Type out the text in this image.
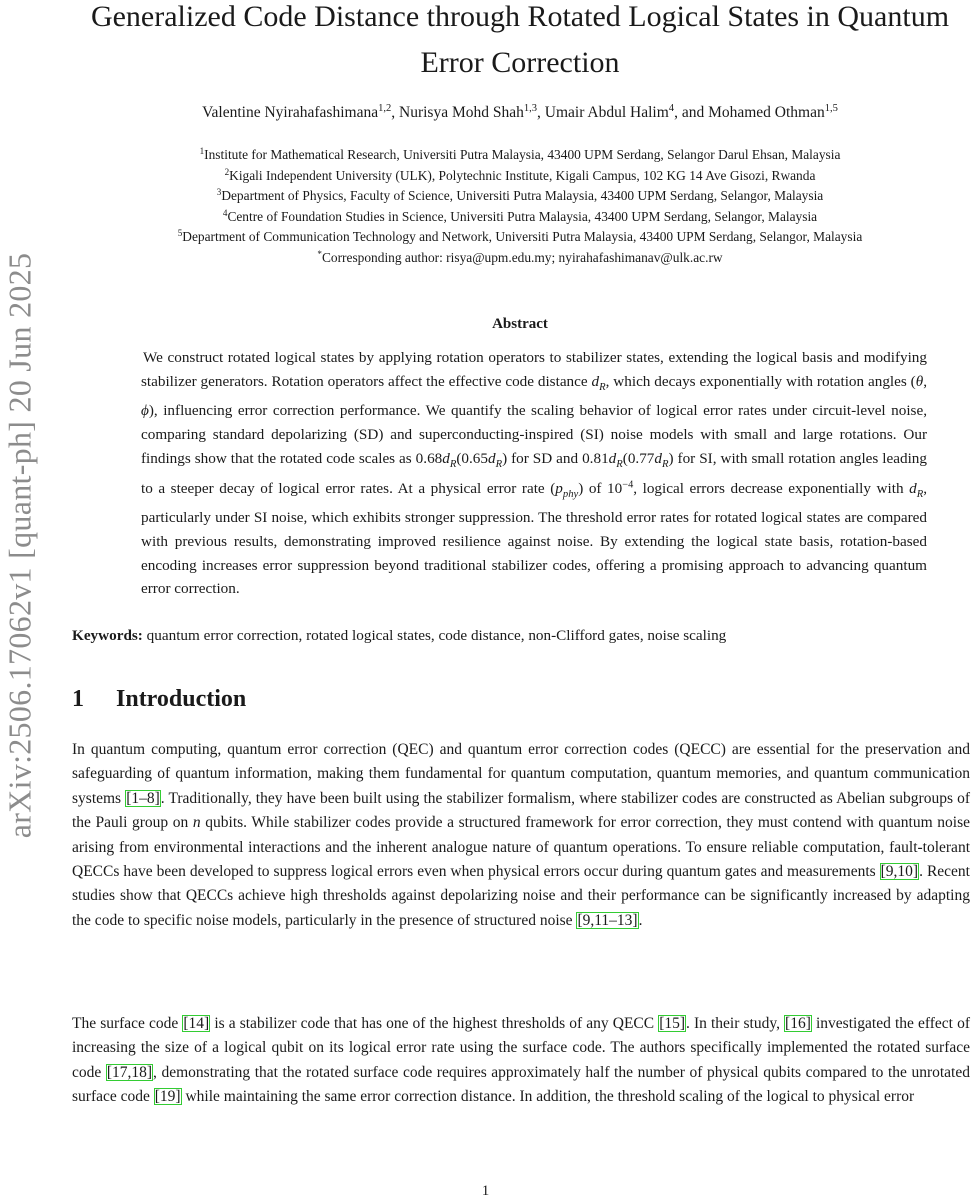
arXiv:2506.17062v1 [quant-ph] 20 Jun 2025
Generalized Code Distance through Rotated Logical States in Quantum Error Correction
Valentine Nyirahafashimana$^{1,2}$, Nurisya Mohd Shah$^{1,3}$, Umair Abdul Halim$^4$, and Mohamed Othman$^{1,5}$
$^1$Institute for Mathematical Research, Universiti Putra Malaysia, 43400 UPM Serdang, Selangor Darul Ehsan, Malaysia
$^2$Kigali Independent University (ULK), Polytechnic Institute, Kigali Campus, 102 KG 14 Ave Gisozi, Rwanda
$^3$Department of Physics, Faculty of Science, Universiti Putra Malaysia, 43400 UPM Serdang, Selangor, Malaysia
$^4$Centre of Foundation Studies in Science, Universiti Putra Malaysia, 43400 UPM Serdang, Selangor, Malaysia
$^5$Department of Communication Technology and Network, Universiti Putra Malaysia, 43400 UPM Serdang, Selangor, Malaysia
*Corresponding author: risya@upm.edu.my; nyirahafashimanav@ulk.ac.rw
Abstract

We construct rotated logical states by applying rotation operators to stabilizer states, extending the logical basis and modifying stabilizer generators. Rotation operators affect the effective code distance $d_R$, which decays exponentially with rotation angles (θ, ϕ), influencing error correction performance. We quantify the scaling behavior of logical error rates under circuit-level noise, comparing standard depolarizing (SD) and superconducting-inspired (SI) noise models with small and large rotations. Our findings show that the rotated code scales as $0.68d_R(0.65d_R)$ for SD and $0.81d_R(0.77d_R)$ for SI, with small rotation angles leading to a steeper decay of logical error rates. At a physical error rate $(p_{phy})$ of $10^{-4}$, logical errors decrease exponentially with $d_R$, particularly under SI noise, which exhibits stronger suppression. The threshold error rates for rotated logical states are compared with previous results, demonstrating improved resilience against noise. By extending the logical state basis, rotation-based encoding increases error suppression beyond traditional stabilizer codes, offering a promising approach to advancing quantum error correction.

Keywords: quantum error correction, rotated logical states, code distance, non-Clifford gates, noise scaling

1 Introduction

In quantum computing, quantum error correction (QEC) and quantum error correction codes (QECC) are essential for the preservation and safeguarding of quantum information, making them fundamental for quantum computation, quantum memories, and quantum communication systems [1–8]. Traditionally, they have been built using the stabilizer formalism, where stabilizer codes are constructed as Abelian subgroups of the Pauli group on n qubits. While stabilizer codes provide a structured framework for error correction, they must contend with quantum noise arising from environmental interactions and the inherent analogue nature of quantum operations. To ensure reliable computation, fault-tolerant QECCs have been developed to suppress logical errors even when physical errors occur during quantum gates and measurements [9,10]. Recent studies show that QECCs achieve high thresholds against depolarizing noise and their performance can be significantly increased by adapting the code to specific noise models, particularly in the presence of structured noise [9,11–13].

The surface code [14] is a stabilizer code that has one of the highest thresholds of any QECC [15]. In their study, [16] investigated the effect of increasing the size of a logical qubit on its logical error rate using the surface code. The authors specifically implemented the rotated surface code [17,18], demonstrating that the rotated surface code requires approximately half the number of physical qubits compared to the unrotated surface code [19] while maintaining the same error correction distance. In addition, the threshold scaling of the logical to physical error

1
